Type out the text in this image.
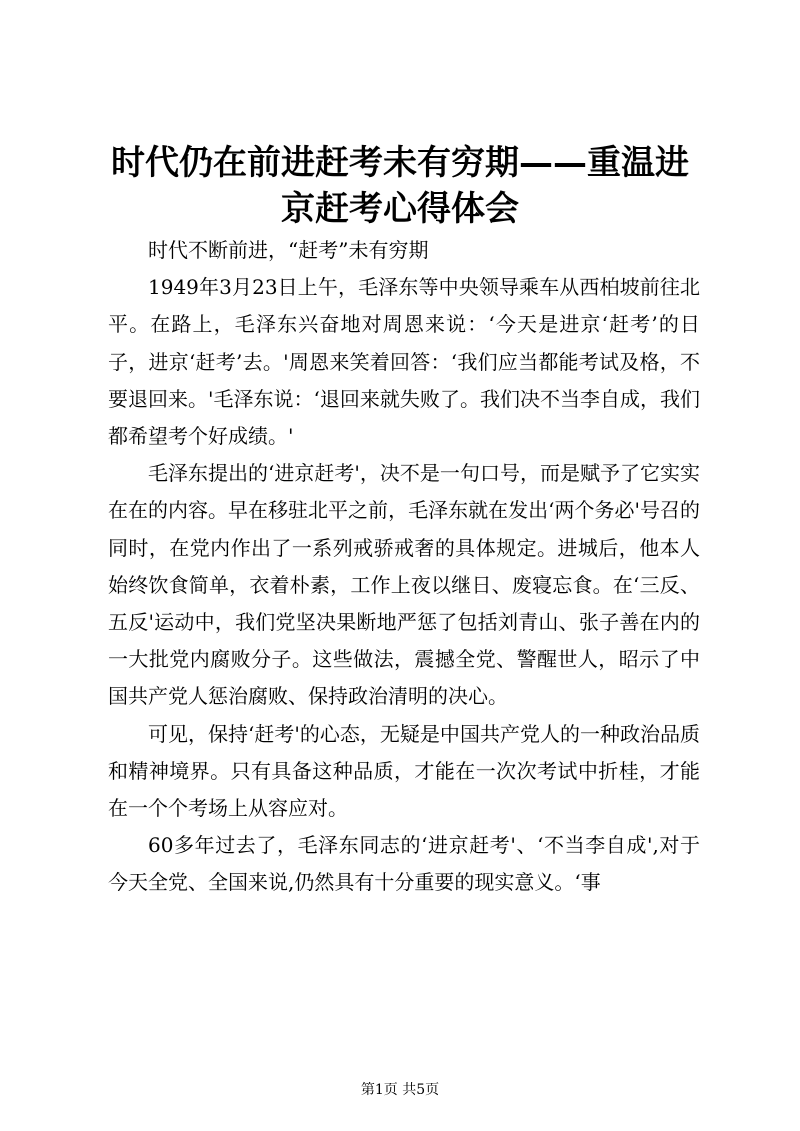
时代仍在前进赶考未有穷期——重温进京赶考心得体会

时代不断前进，“赶考”未有穷期

1949年3月23日上午，毛泽东等中央领导乘车从西柏坡前往北平。在路上，毛泽东兴奋地对周恩来说：‘今天是进京‘赶考’的日子，进京‘赶考’去。'周恩来笑着回答：‘我们应当都能考试及格，不要退回来。'毛泽东说：‘退回来就失败了。我们决不当李自成，我们都希望考个好成绩。'

毛泽东提出的‘进京赶考'，决不是一句口号，而是赋予了它实实在在的内容。早在移驻北平之前，毛泽东就在发出‘两个务必'号召的同时，在党内作出了一系列戒骄戒奢的具体规定。进城后，他本人始终饮食简单，衣着朴素，工作上夜以继日、废寝忘食。在‘三反、五反'运动中，我们党坚决果断地严惩了包括刘青山、张子善在内的一大批党内腐败分子。这些做法，震撼全党、警醒世人，昭示了中国共产党人惩治腐败、保持政治清明的决心。

可见，保持‘赶考'的心态，无疑是中国共产党人的一种政治品质和精神境界。只有具备这种品质，才能在一次次考试中折桂，才能在一个个考场上从容应对。

60多年过去了，毛泽东同志的‘进京赶考'、‘不当李自成',对于今天全党、全国来说,仍然具有十分重要的现实意义。‘事

第1页 共5页
